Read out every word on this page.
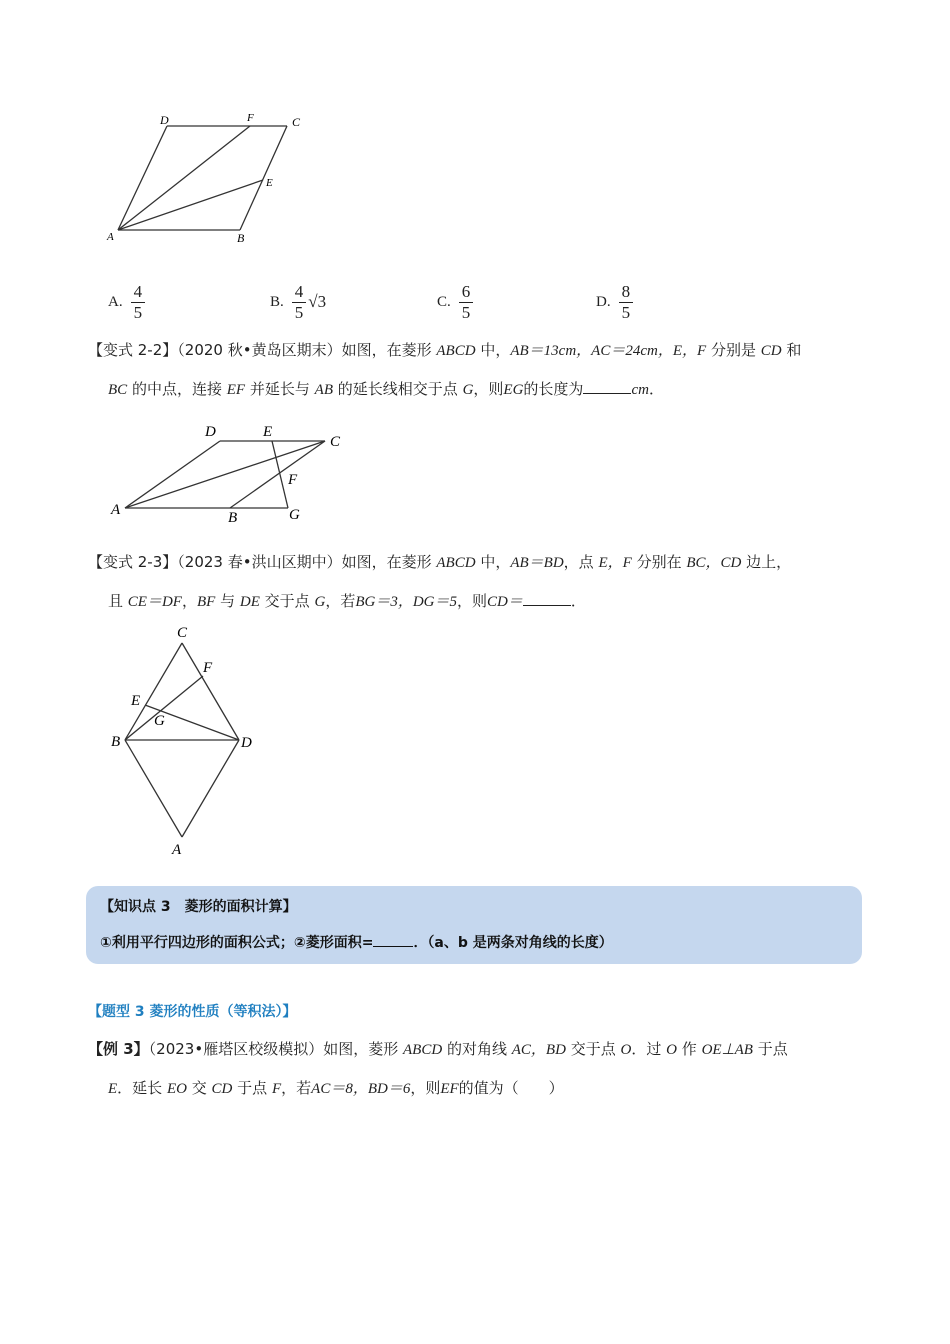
D	F	C
E
A	B
A. $\frac{4}{5}$	B. $\frac{4}{5} √3$	C. $\frac{6}{5}$	D. $\frac{8}{5}$
【变式 2-2】（2020 秋•黄岛区期末）如图，在菱形 ABCD 中，AB＝13cm，AC＝24cm，E，F 分别是 CD 和
BC 的中点，连接 EF 并延长与 AB 的延长线相交于点 G，则EG的长度为	cm．
D	E
C
F
A	B	G
【变式 2-3】（2023 春•洪山区期中）如图，在菱形 ABCD 中，AB＝BD，点 E，F 分别在 BC，CD 边上，
且 CE＝DF，BF 与 DE 交于点 G，若BG＝3，DG＝5，则CD＝	．
C
F
E
G
B	D
A
【知识点 3　菱形的面积计算】
①利用平行四边形的面积公式；②菱形面积=	．（a、b 是两条对角线的长度）
【题型 3 菱形的性质（等积法）】
【例 3】（2023•雁塔区校级模拟）如图，菱形 ABCD 的对角线 AC，BD 交于点 O．过 O 作 OE⊥AB 于点
E．延长 EO 交 CD 于点 F，若AC＝8，BD＝6，则EF的值为（　　）
